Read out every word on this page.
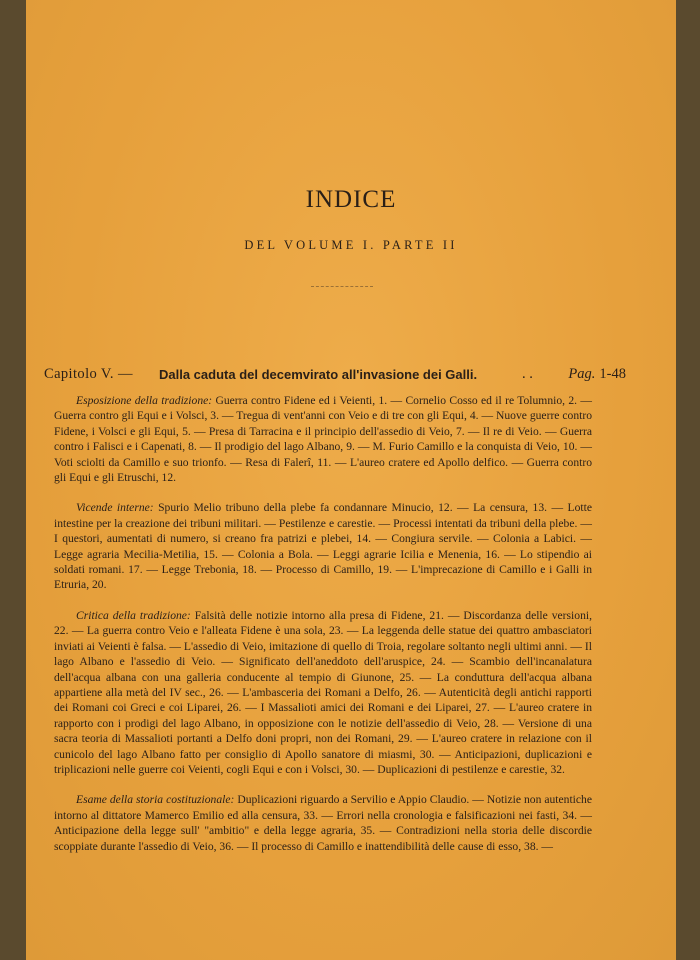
INDICE
DEL VOLUME I. PARTE II
Capitolo V. — Dalla caduta del decemvirato all'invasione dei Galli.	. . Pag. 1-48

Esposizione della tradizione: Guerra contro Fidene ed i Veienti, 1. — Cornelio Cosso ed il re Tolumnio, 2. — Guerra contro gli Equi e i Volsci, 3. — Tregua di vent'anni con Veio e di tre con gli Equi, 4. — Nuove guerre contro Fidene, i Volsci e gli Equi, 5. — Presa di Tarracina e il principio dell'assedio di Veio, 7. — Il re di Veio. — Guerra contro i Falisci e i Capenati, 8. — Il prodigio del lago Albano, 9. — M. Furio Camillo e la conquista di Veio, 10. — Voti sciolti da Camillo e suo trionfo. — Resa di Falerî, 11. — L'aureo cratere ed Apollo delfico. — Guerra contro gli Equi e gli Etruschi, 12.

Vicende interne: Spurio Melio tribuno della plebe fa condannare Minucio, 12. — La censura, 13. — Lotte intestine per la creazione dei tribuni militari. — Pestilenze e carestie. — Processi intentati da tribuni della plebe. — I questori, aumentati di numero, si creano fra patrizi e plebei, 14. — Congiura servile. — Colonia a Labici. — Legge agraria Mecilia-Metilia, 15. — Colonia a Bola. — Leggi agrarie Icilia e Menenia, 16. — Lo stipendio ai soldati romani. 17. — Legge Trebonia, 18. — Processo di Camillo, 19. — L'imprecazione di Camillo e i Galli in Etruria, 20.

Critica della tradizione: Falsità delle notizie intorno alla presa di Fidene, 21. — Discordanza delle versioni, 22. — La guerra contro Veio e l'alleata Fidene è una sola, 23. — La leggenda delle statue dei quattro ambasciatori inviati ai Veienti è falsa. — L'assedio di Veio, imitazione di quello di Troia, regolare soltanto negli ultimi anni. — Il lago Albano e l'assedio di Veio. — Significato dell'aneddoto dell'aruspice, 24. — Scambio dell'incanalatura dell'acqua albana con una galleria conducente al tempio di Giunone, 25. — La conduttura dell'acqua albana appartiene alla metà del IV sec., 26. — L'ambasceria dei Romani a Delfo, 26. — Autenticità degli antichi rapporti dei Romani coi Greci e coi Liparei, 26. — I Massalioti amici dei Romani e dei Liparei, 27. — L'aureo cratere in rapporto con i prodigi del lago Albano, in opposizione con le notizie dell'assedio di Veio, 28. — Versione di una sacra teoria di Massalioti portanti a Delfo doni propri, non dei Romani, 29. — L'aureo cratere in relazione con il cunicolo del lago Albano fatto per consiglio di Apollo sanatore di miasmi, 30. — Anticipazioni, duplicazioni e triplicazioni nelle guerre coi Veienti, cogli Equi e con i Volsci, 30. — Duplicazioni di pestilenze e carestie, 32.

Esame della storia costituzionale: Duplicazioni riguardo a Servilio e Appio Claudio. — Notizie non autentiche intorno al dittatore Mamerco Emilio ed alla censura, 33. — Errori nella cronologia e falsificazioni nei fasti, 34. — Anticipazione della legge sull' "ambitio" e della legge agraria, 35. — Contradizioni nella storia delle discordie scoppiate durante l'assedio di Veio, 36. — Il processo di Camillo e inattendibilità delle cause di esso, 38. —
